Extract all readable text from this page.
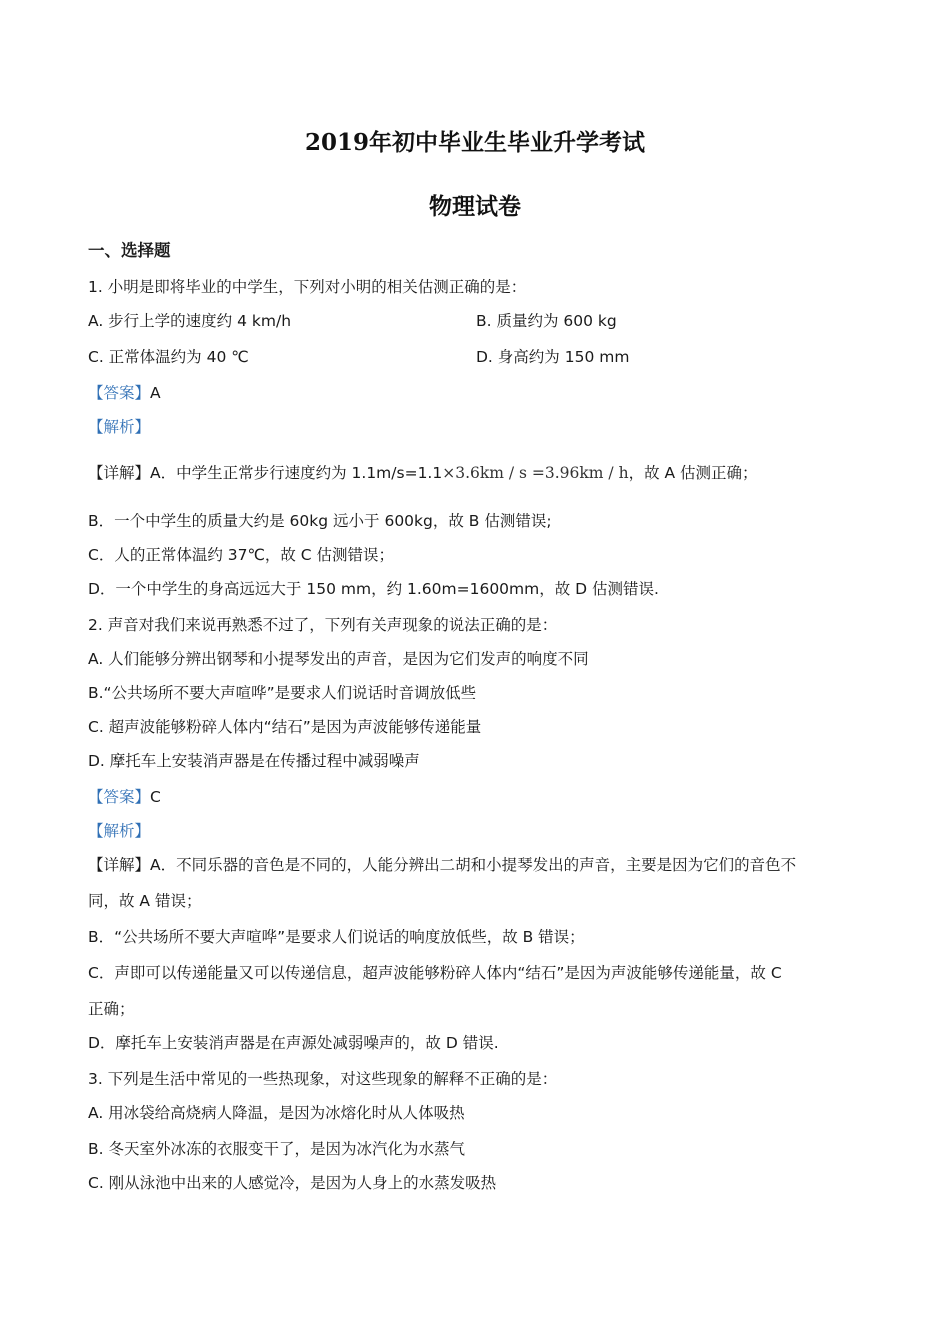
2019年初中毕业生毕业升学考试
物理试卷
一、选择题
1. 小明是即将毕业的中学生，下列对小明的相关估测正确的是：
A. 步行上学的速度约 4 km/h	B. 质量约为 600 kg
C. 正常体温约为 40 ℃	D. 身高约为 150 mm
【答案】A
【解析】
【详解】A．中学生正常步行速度约为 1.1m/s=1.1×3.6km / s =3.96km / h，故 A 估测正确；
B．一个中学生的质量大约是 60kg 远小于 600kg，故 B 估测错误;
C．人的正常体温约 37℃，故 C 估测错误；
D．一个中学生的身高远远大于 150 mm，约 1.60m=1600mm，故 D 估测错误.
2. 声音对我们来说再熟悉不过了，下列有关声现象的说法正确的是：
A. 人们能够分辨出钢琴和小提琴发出的声音，是因为它们发声的响度不同
B.“公共场所不要大声喧哗”是要求人们说话时音调放低些
C. 超声波能够粉碎人体内“结石”是因为声波能够传递能量
D. 摩托车上安装消声器是在传播过程中减弱噪声
【答案】C
【解析】
【详解】A．不同乐器的音色是不同的，人能分辨出二胡和小提琴发出的声音，主要是因为它们的音色不
同，故 A 错误；
B．“公共场所不要大声喧哗”是要求人们说话的响度放低些，故 B 错误；
C．声即可以传递能量又可以传递信息，超声波能够粉碎人体内“结石”是因为声波能够传递能量，故 C
正确；
D．摩托车上安装消声器是在声源处减弱噪声的，故 D 错误.
3. 下列是生活中常见的一些热现象，对这些现象的解释不正确的是：
A. 用冰袋给高烧病人降温，是因为冰熔化时从人体吸热
B. 冬天室外冰冻的衣服变干了，是因为冰汽化为水蒸气
C. 刚从泳池中出来的人感觉冷，是因为人身上的水蒸发吸热
